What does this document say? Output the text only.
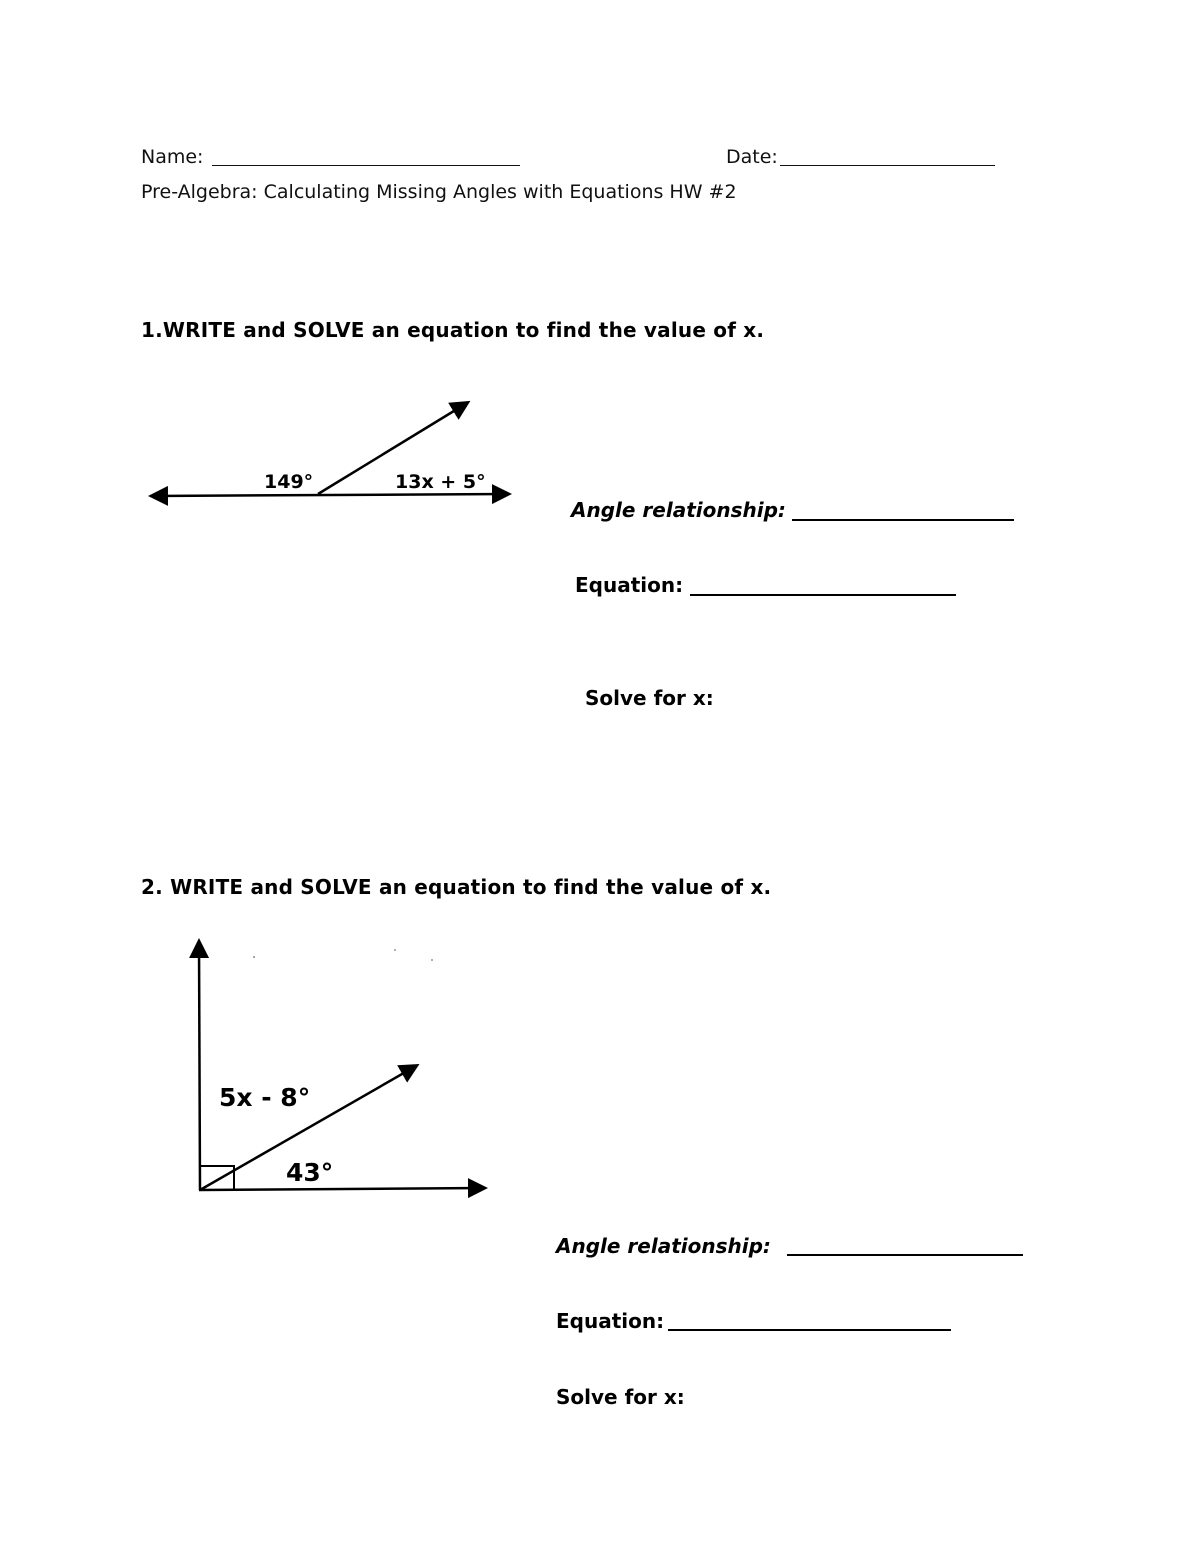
Name:	Date:
Pre-Algebra: Calculating Missing Angles with Equations HW #2
1.WRITE and SOLVE an equation to find the value of x.
149°	13x + 5°
Angle relationship:
Equation:
Solve for x:
2. WRITE and SOLVE an equation to find the value of x.
5x - 8°
43°
Angle relationship:
Equation:
Solve for x:
